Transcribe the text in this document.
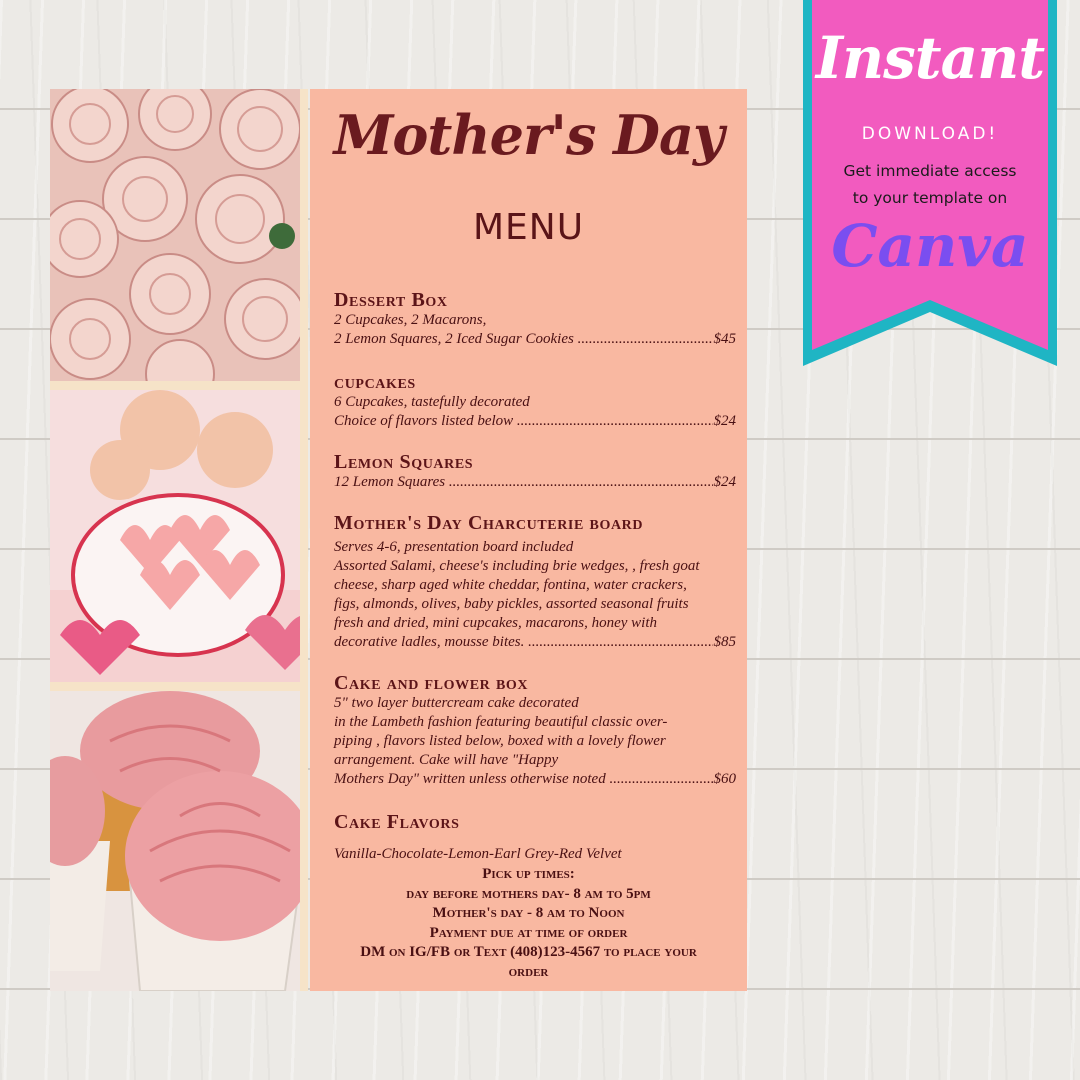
Mother's Day
MENU
Dessert Box
2 Cupcakes, 2 Macarons,
2 Lemon Squares, 2 Iced Sugar Cookies .....	$45
cupcakes
6 Cupcakes, tastefully decorated
Choice of flavors listed below .....	$24
Lemon Squares
12 Lemon Squares .....	$24
Mother's Day Charcuterie board
Serves 4-6, presentation board included
Assorted Salami, cheese's including brie wedges, , fresh goat
cheese, sharp aged white cheddar, fontina, water crackers,
figs, almonds, olives, baby pickles, assorted seasonal fruits
fresh and dried, mini cupcakes, macarons, honey with
decorative ladles, mousse bites. .....	$85
Cake and flower box
5" two layer buttercream cake decorated
in the Lambeth fashion featuring beautiful classic over-
piping , flavors listed below, boxed with a lovely flower
arrangement. Cake will have "Happy
Mothers Day" written unless otherwise noted .....	$60
Cake Flavors
Vanilla-Chocolate-Lemon-Earl Grey-Red Velvet
Pick up times:
day before mothers day- 8 am to 5pm
Mother's day - 8 am to Noon
Payment due at time of order
DM on IG/FB or Text (408)123-4567 to place your
order
Instant
DOWNLOAD!
Get immediate access
to your template on
Canva
